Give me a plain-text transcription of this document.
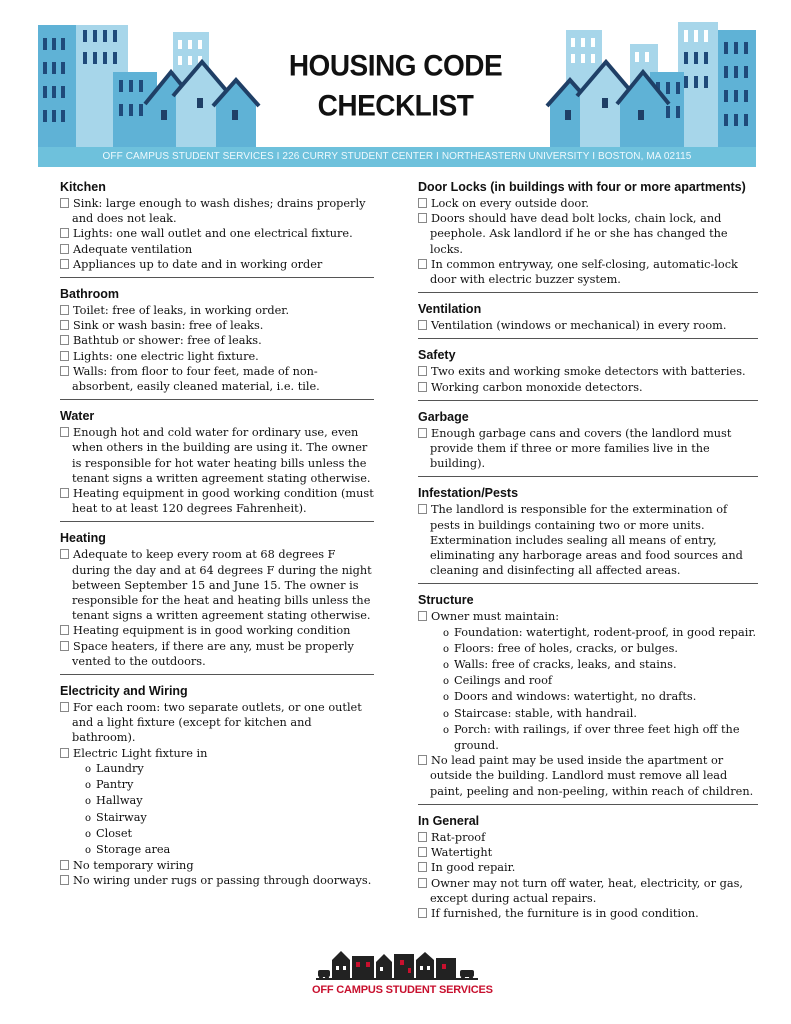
HOUSING CODE
CHECKLIST
OFF CAMPUS STUDENT SERVICES I 226 CURRY STUDENT CENTER I NORTHEASTERN UNIVERSITY I BOSTON, MA 02115
Kitchen
Sink: large enough to wash dishes; drains properly and does not leak.
Lights: one wall outlet and one electrical fixture.
Adequate ventilation
Appliances up to date and in working order
Bathroom
Toilet: free of leaks, in working order.
Sink or wash basin: free of leaks.
Bathtub or shower: free of leaks.
Lights: one electric light fixture.
Walls: from floor to four feet, made of non-absorbent, easily cleaned material, i.e. tile.
Water
Enough hot and cold water for ordinary use, even when others in the building are using it. The owner is responsible for hot water heating bills unless the tenant signs a written agreement stating otherwise.
Heating equipment in good working condition (must heat to at least 120 degrees Fahrenheit).
Heating
Adequate to keep every room at 68 degrees F during the day and at 64 degrees F during the night between September 15 and June 15. The owner is responsible for the heat and heating bills unless the tenant signs a written agreement stating otherwise.
Heating equipment is in good working condition
Space heaters, if there are any, must be properly vented to the outdoors.
Electricity and Wiring
For each room: two separate outlets, or one outlet and a light fixture (except for kitchen and bathroom).
Electric Light fixture in
o Laundry
o Pantry
o Hallway
o Stairway
o Closet
o Storage area
No temporary wiring
No wiring under rugs or passing through doorways.
Door Locks (in buildings with four or more apartments)
Lock on every outside door.
Doors should have dead bolt locks, chain lock, and peephole. Ask landlord if he or she has changed the locks.
In common entryway, one self-closing, automatic-lock door with electric buzzer system.
Ventilation
Ventilation (windows or mechanical) in every room.
Safety
Two exits and working smoke detectors with batteries.
Working carbon monoxide detectors.
Garbage
Enough garbage cans and covers (the landlord must provide them if three or more families live in the building).
Infestation/Pests
The landlord is responsible for the extermination of pests in buildings containing two or more units. Extermination includes sealing all means of entry, eliminating any harborage areas and food sources and cleaning and disinfecting all affected areas.
Structure
Owner must maintain:
o Foundation: watertight, rodent-proof, in good repair.
o Floors: free of holes, cracks, or bulges.
o Walls: free of cracks, leaks, and stains.
o Ceilings and roof
o Doors and windows: watertight, no drafts.
o Staircase: stable, with handrail.
o Porch: with railings, if over three feet high off the ground.
No lead paint may be used inside the apartment or outside the building. Landlord must remove all lead paint, peeling and non-peeling, within reach of children.
In General
Rat-proof
Watertight
In good repair.
Owner may not turn off water, heat, electricity, or gas, except during actual repairs.
If furnished, the furniture is in good condition.
OFF CAMPUS STUDENT SERVICES
